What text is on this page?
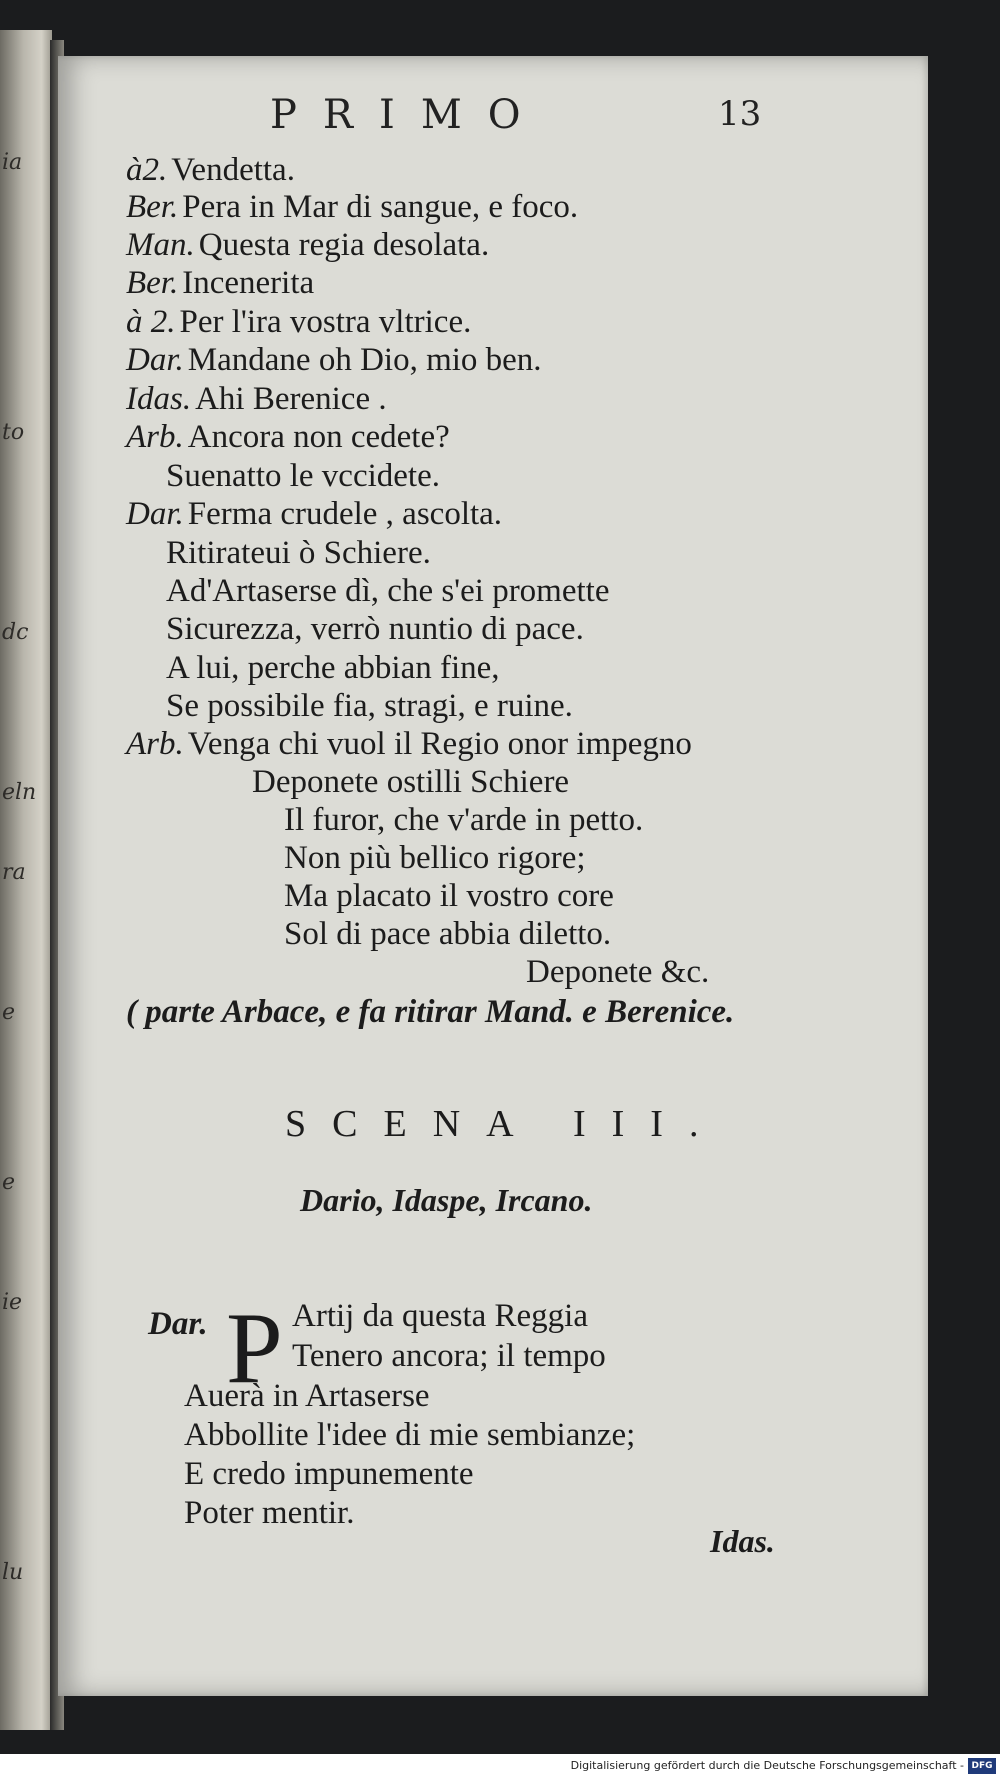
ia
to
dc
eln
ra
e
e
ie
lu
PRIMO	13
à2. Vendetta.
Ber. Pera in Mar di sangue, e foco.
Man. Questa regia desolata.
Ber. Incenerita
à 2. Per l'ira vostra vltrice.
Dar. Mandane oh Dio, mio ben.
Idas. Ahi Berenice .
Arb. Ancora non cedete?
Suenatto le vccidete.
Dar. Ferma crudele , ascolta.
Ritirateui ò Schiere.
Ad'Artaserse dì, che s'ei promette
Sicurezza, verrò nuntio di pace.
A lui, perche abbian fine,
Se possibile fia, stragi, e ruine.
Arb. Venga chi vuol il Regio onor impegno
Deponete ostilli Schiere
Il furor, che v'arde in petto.
Non più bellico rigore;
Ma placato il vostro core
Sol di pace abbia diletto.
Deponete &c.
( parte Arbace, e fa ritirar Mand. e Berenice.
SCENA III.
Dario, Idaspe, Ircano.
Dar. P Artij da questa Reggia
Tenero ancora; il tempo
Auerà in Artaserse
Abbollite l'idee di mie sembianze;
E credo impunemente
Poter mentir.
Idas.
Digitalisierung gefördert durch die Deutsche Forschungsgemeinschaft - DFG
